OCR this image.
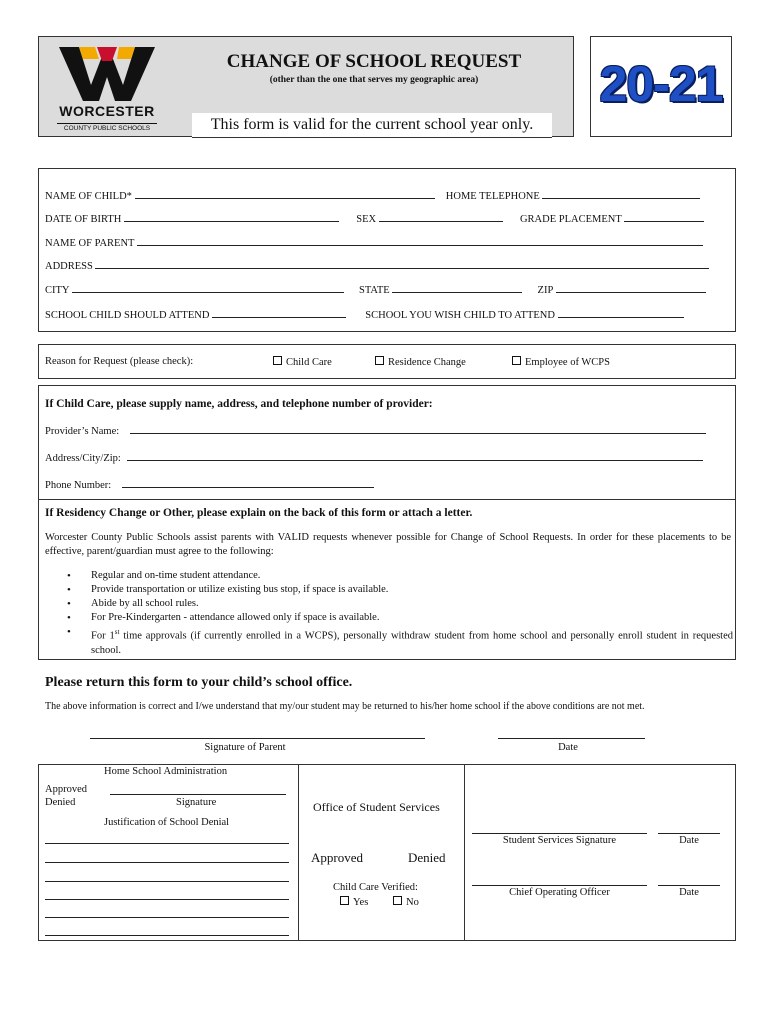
WORCESTER
COUNTY PUBLIC SCHOOLS
CHANGE OF SCHOOL REQUEST
(other than the one that serves my geographic area)
This form is valid for the current school year only.
20-21
NAME OF CHILD*	HOME TELEPHONE
DATE OF BIRTH	SEX	GRADE PLACEMENT
NAME OF PARENT
ADDRESS
CITY	STATE	ZIP
SCHOOL CHILD SHOULD ATTEND	SCHOOL YOU WISH CHILD TO ATTEND
Reason for Request (please check):	Child Care	Residence Change	Employee of WCPS
If Child Care, please supply name, address, and telephone number of provider:
Provider’s Name:
Address/City/Zip:
Phone Number:
If Residency Change or Other, please explain on the back of this form or attach a letter.
Worcester County Public Schools assist parents with VALID requests whenever possible for Change of School Requests. In order for these placements to be effective, parent/guardian must agree to the following:
• Regular and on-time student attendance.
• Provide transportation or utilize existing bus stop, if space is available.
• Abide by all school rules.
• For Pre-Kindergarten - attendance allowed only if space is available.
• For 1st time approvals (if currently enrolled in a WCPS), personally withdraw student from home school and personally enroll student in requested school.
Please return this form to your child’s school office.
The above information is correct and I/we understand that my/our student may be returned to his/her home school if the above conditions are not met.
Signature of Parent	Date
Home School Administration
Approved
Denied	Signature
Justification of School Denial
Office of Student Services
Approved	Denied
Child Care Verified:
Yes	No
Student Services Signature	Date
Chief Operating Officer	Date
